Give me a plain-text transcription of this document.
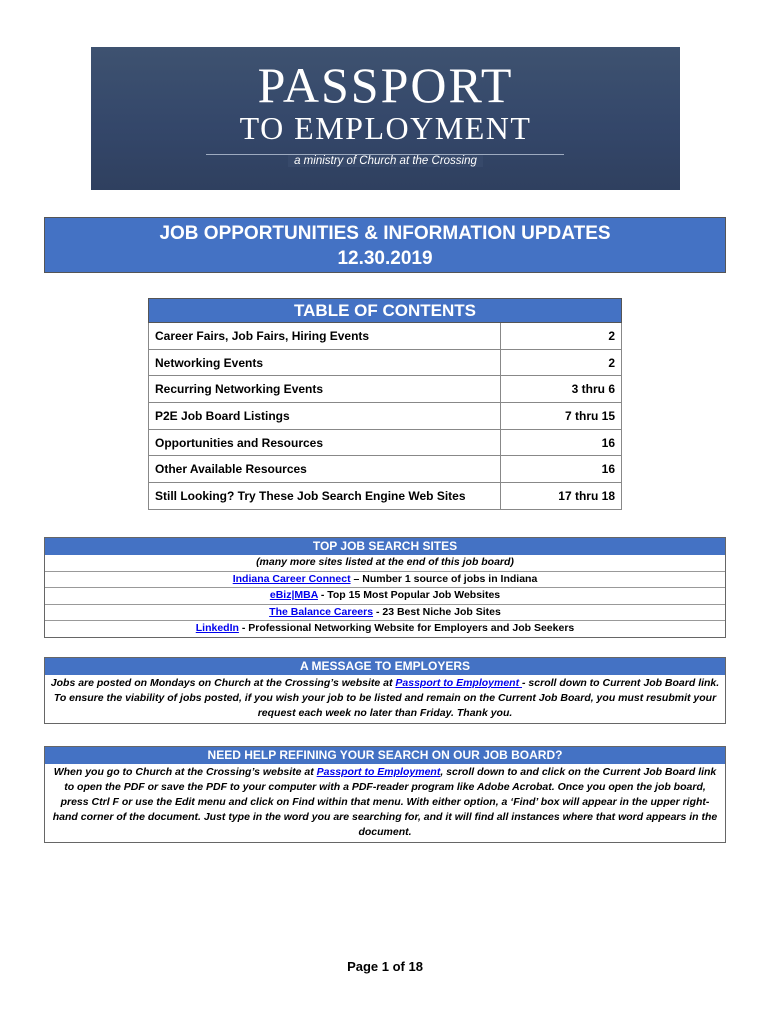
PASSPORT
TO EMPLOYMENT
a ministry of Church at the Crossing
JOB OPPORTUNITIES & INFORMATION UPDATES
12.30.2019
TABLE OF CONTENTS	
Career Fairs, Job Fairs, Hiring Events	2
Networking Events	2
Recurring Networking Events	3 thru 6
P2E Job Board Listings	7 thru 15
Opportunities and Resources	16
Other Available Resources	16
Still Looking? Try These Job Search Engine Web Sites	17 thru 18
TOP JOB SEARCH SITES
(many more sites listed at the end of this job board)
Indiana Career Connect – Number 1 source of jobs in Indiana
eBiz|MBA - Top 15 Most Popular Job Websites
The Balance Careers - 23 Best Niche Job Sites
LinkedIn - Professional Networking Website for Employers and Job Seekers
A MESSAGE TO EMPLOYERS
Jobs are posted on Mondays on Church at the Crossing’s website at Passport to Employment - scroll down to Current Job Board link.
To ensure the viability of jobs posted, if you wish your job to be listed and remain on the Current Job Board, you must resubmit your request each week no later than Friday. Thank you.
NEED HELP REFINING YOUR SEARCH ON OUR JOB BOARD?
When you go to Church at the Crossing’s website at Passport to Employment, scroll down to and click on the Current Job Board link to open the PDF or save the PDF to your computer with a PDF-reader program like Adobe Acrobat. Once you open the job board, press Ctrl F or use the Edit menu and click on Find within that menu. With either option, a ‘Find’ box will appear in the upper right-hand corner of the document. Just type in the word you are searching for, and it will find all instances where that word appears in the document.
Page 1 of 18
